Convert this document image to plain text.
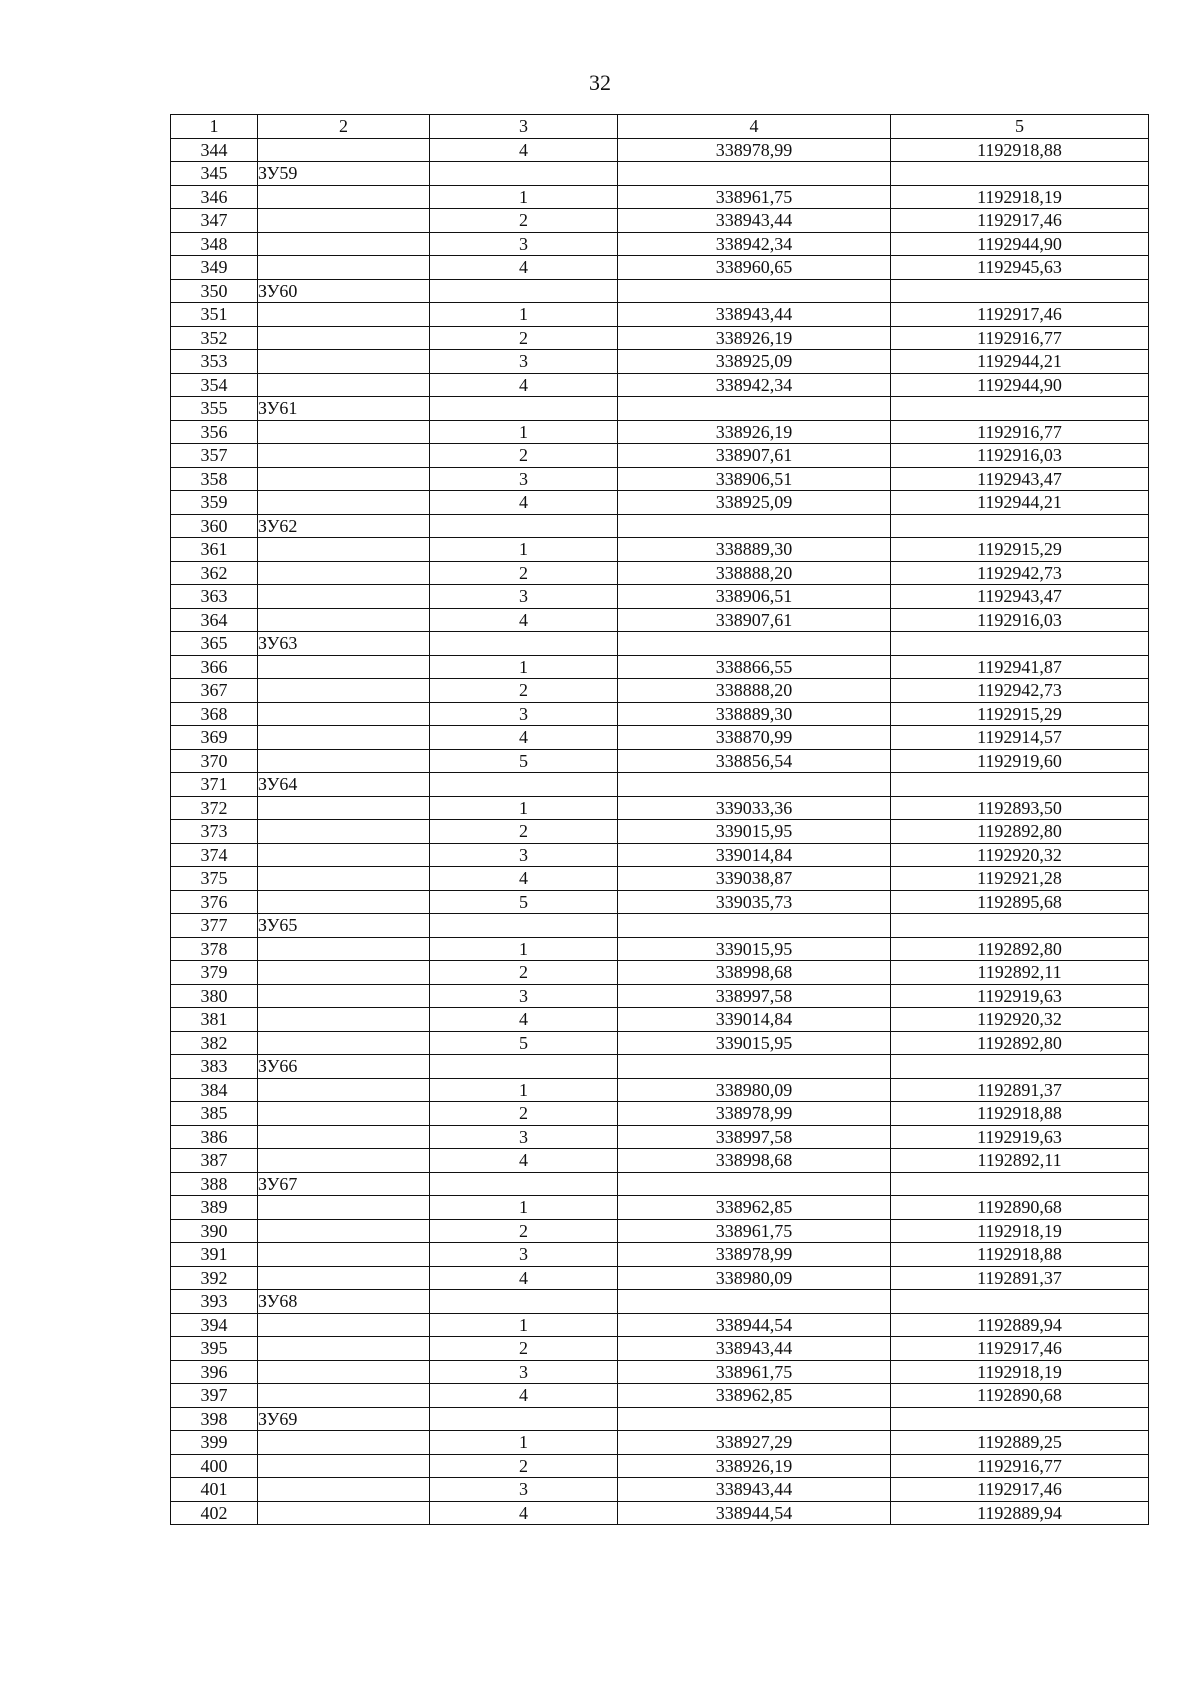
32
1	2	3	4	5
344		4	338978,99	1192918,88
345	ЗУ59			
346		1	338961,75	1192918,19
347		2	338943,44	1192917,46
348		3	338942,34	1192944,90
349		4	338960,65	1192945,63
350	ЗУ60			
351		1	338943,44	1192917,46
352		2	338926,19	1192916,77
353		3	338925,09	1192944,21
354		4	338942,34	1192944,90
355	ЗУ61			
356		1	338926,19	1192916,77
357		2	338907,61	1192916,03
358		3	338906,51	1192943,47
359		4	338925,09	1192944,21
360	ЗУ62			
361		1	338889,30	1192915,29
362		2	338888,20	1192942,73
363		3	338906,51	1192943,47
364		4	338907,61	1192916,03
365	ЗУ63			
366		1	338866,55	1192941,87
367		2	338888,20	1192942,73
368		3	338889,30	1192915,29
369		4	338870,99	1192914,57
370		5	338856,54	1192919,60
371	ЗУ64			
372		1	339033,36	1192893,50
373		2	339015,95	1192892,80
374		3	339014,84	1192920,32
375		4	339038,87	1192921,28
376		5	339035,73	1192895,68
377	ЗУ65			
378		1	339015,95	1192892,80
379		2	338998,68	1192892,11
380		3	338997,58	1192919,63
381		4	339014,84	1192920,32
382		5	339015,95	1192892,80
383	ЗУ66			
384		1	338980,09	1192891,37
385		2	338978,99	1192918,88
386		3	338997,58	1192919,63
387		4	338998,68	1192892,11
388	ЗУ67			
389		1	338962,85	1192890,68
390		2	338961,75	1192918,19
391		3	338978,99	1192918,88
392		4	338980,09	1192891,37
393	ЗУ68			
394		1	338944,54	1192889,94
395		2	338943,44	1192917,46
396		3	338961,75	1192918,19
397		4	338962,85	1192890,68
398	ЗУ69			
399		1	338927,29	1192889,25
400		2	338926,19	1192916,77
401		3	338943,44	1192917,46
402		4	338944,54	1192889,94
